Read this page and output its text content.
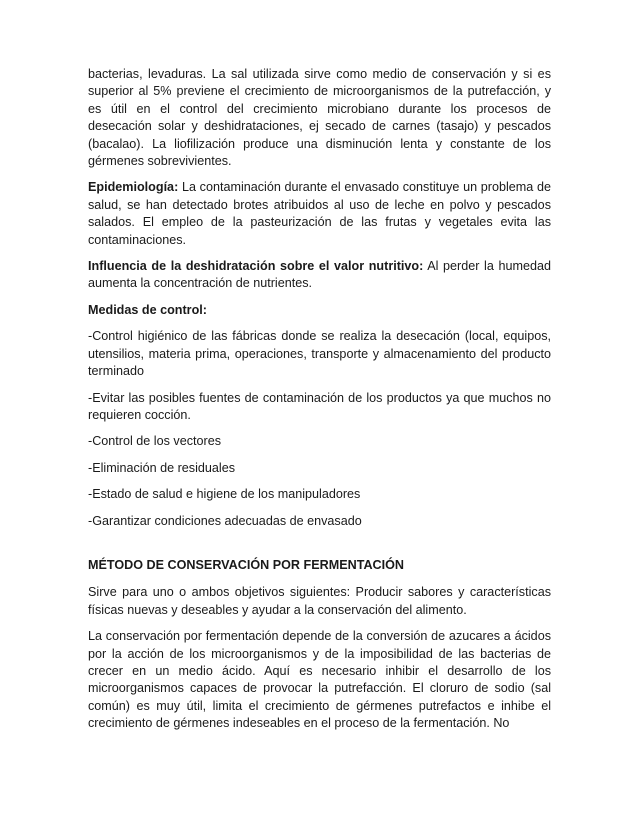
bacterias, levaduras. La sal utilizada sirve como medio de conservación y si es superior al 5% previene el crecimiento de microorganismos de la putrefacción, y es útil en el control del crecimiento microbiano durante los procesos de desecación solar y deshidrataciones, ej secado de carnes (tasajo) y pescados (bacalao). La liofilización produce una disminución lenta y constante de los gérmenes sobrevivientes.

Epidemiología: La contaminación durante el envasado constituye un problema de salud, se han detectado brotes atribuidos al uso de leche en polvo y pescados salados. El empleo de la pasteurización de las frutas y vegetales evita las contaminaciones.

Influencia de la deshidratación sobre el valor nutritivo: Al perder la humedad aumenta la concentración de nutrientes.

Medidas de control:

-Control higiénico de las fábricas donde se realiza la desecación (local, equipos, utensilios, materia prima, operaciones, transporte y almacenamiento del producto terminado

-Evitar las posibles fuentes de contaminación de los productos ya que muchos no requieren cocción.

-Control de los vectores

-Eliminación de residuales

-Estado de salud e higiene de los manipuladores

-Garantizar condiciones adecuadas de envasado

MÉTODO DE CONSERVACIÓN POR FERMENTACIÓN

Sirve para uno o ambos objetivos siguientes: Producir sabores y características físicas nuevas y deseables y ayudar a la conservación del alimento.

La conservación por fermentación depende de la conversión de azucares a ácidos por la acción de los microorganismos y de la imposibilidad de las bacterias de crecer en un medio ácido. Aquí es necesario inhibir el desarrollo de los microorganismos capaces de provocar la putrefacción. El cloruro de sodio (sal común) es muy útil, limita el crecimiento de gérmenes putrefactos e inhibe el crecimiento de gérmenes indeseables en el proceso de la fermentación. No
